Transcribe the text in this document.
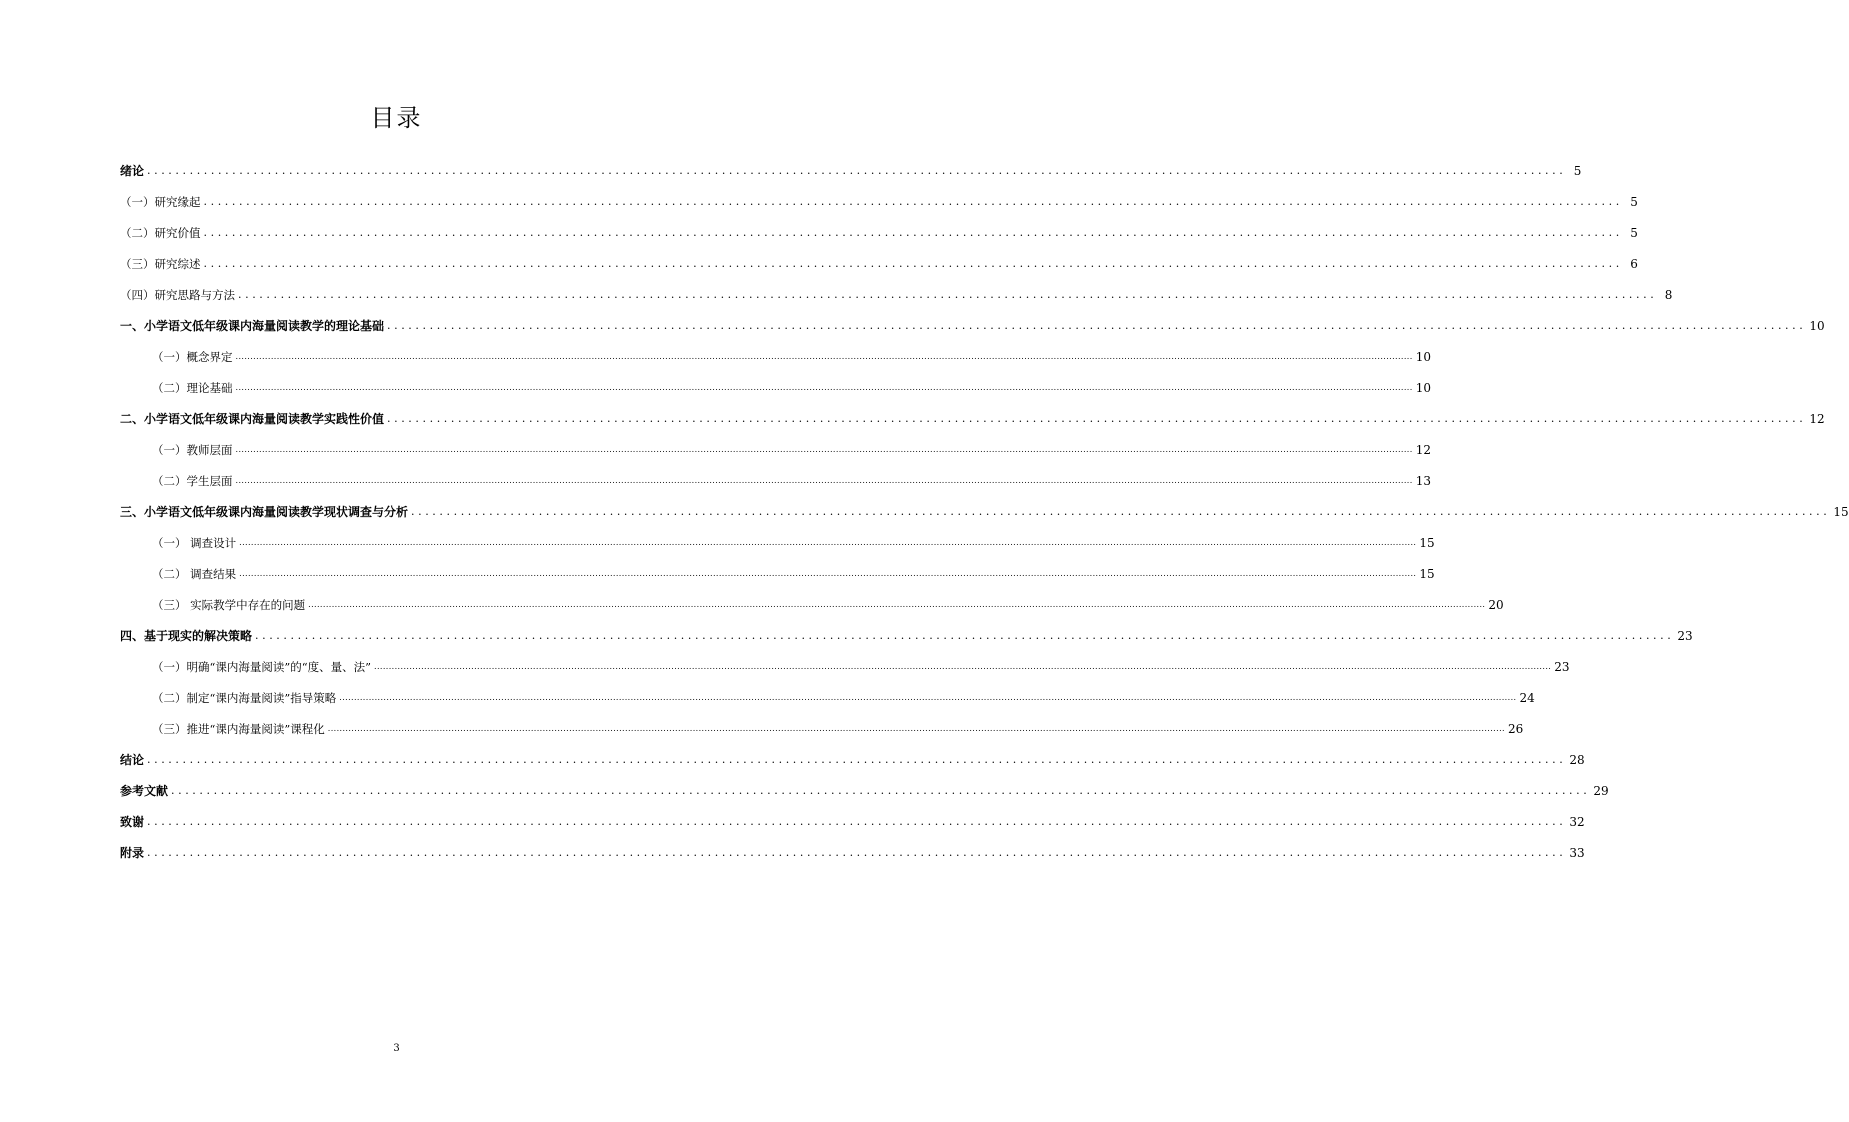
目录
绪论 ........................................................................................................................................................................................................ 5
（一）研究缘起 ........................................................................................................................................................................................................ 5
（二）研究价值 ........................................................................................................................................................................................................ 5
（三）研究综述 ........................................................................................................................................................................................................ 6
（四）研究思路与方法 ........................................................................................................................................................................................................ 8
一、小学语文低年级课内海量阅读教学的理论基础 ........................................................................................................................................................................................................ 10
（一）概念界定 ................................................................................................................................................................................................................................................................................................................................................................................................................ 10
（二）理论基础 ................................................................................................................................................................................................................................................................................................................................................................................................................ 10
二、小学语文低年级课内海量阅读教学实践性价值 ........................................................................................................................................................................................................ 12
（一）教师层面 ................................................................................................................................................................................................................................................................................................................................................................................................................ 12
（二）学生层面 ................................................................................................................................................................................................................................................................................................................................................................................................................ 13
三、小学语文低年级课内海量阅读教学现状调查与分析 ........................................................................................................................................................................................................ 15
（一） 调查设计 ................................................................................................................................................................................................................................................................................................................................................................................................................ 15
（二） 调查结果 ................................................................................................................................................................................................................................................................................................................................................................................................................ 15
（三） 实际教学中存在的问题 ................................................................................................................................................................................................................................................................................................................................................................................................................ 20
四、基于现实的解决策略 ........................................................................................................................................................................................................ 23
（一）明确“课内海量阅读”的“度、量、法” ................................................................................................................................................................................................................................................................................................................................................................................................................ 23
（二）制定“课内海量阅读”指导策略 ................................................................................................................................................................................................................................................................................................................................................................................................................ 24
（三）推进“课内海量阅读”课程化 ................................................................................................................................................................................................................................................................................................................................................................................................................ 26
结论 ........................................................................................................................................................................................................ 28
参考文献 ........................................................................................................................................................................................................ 29
致谢 ........................................................................................................................................................................................................ 32
附录 ........................................................................................................................................................................................................ 33
3
